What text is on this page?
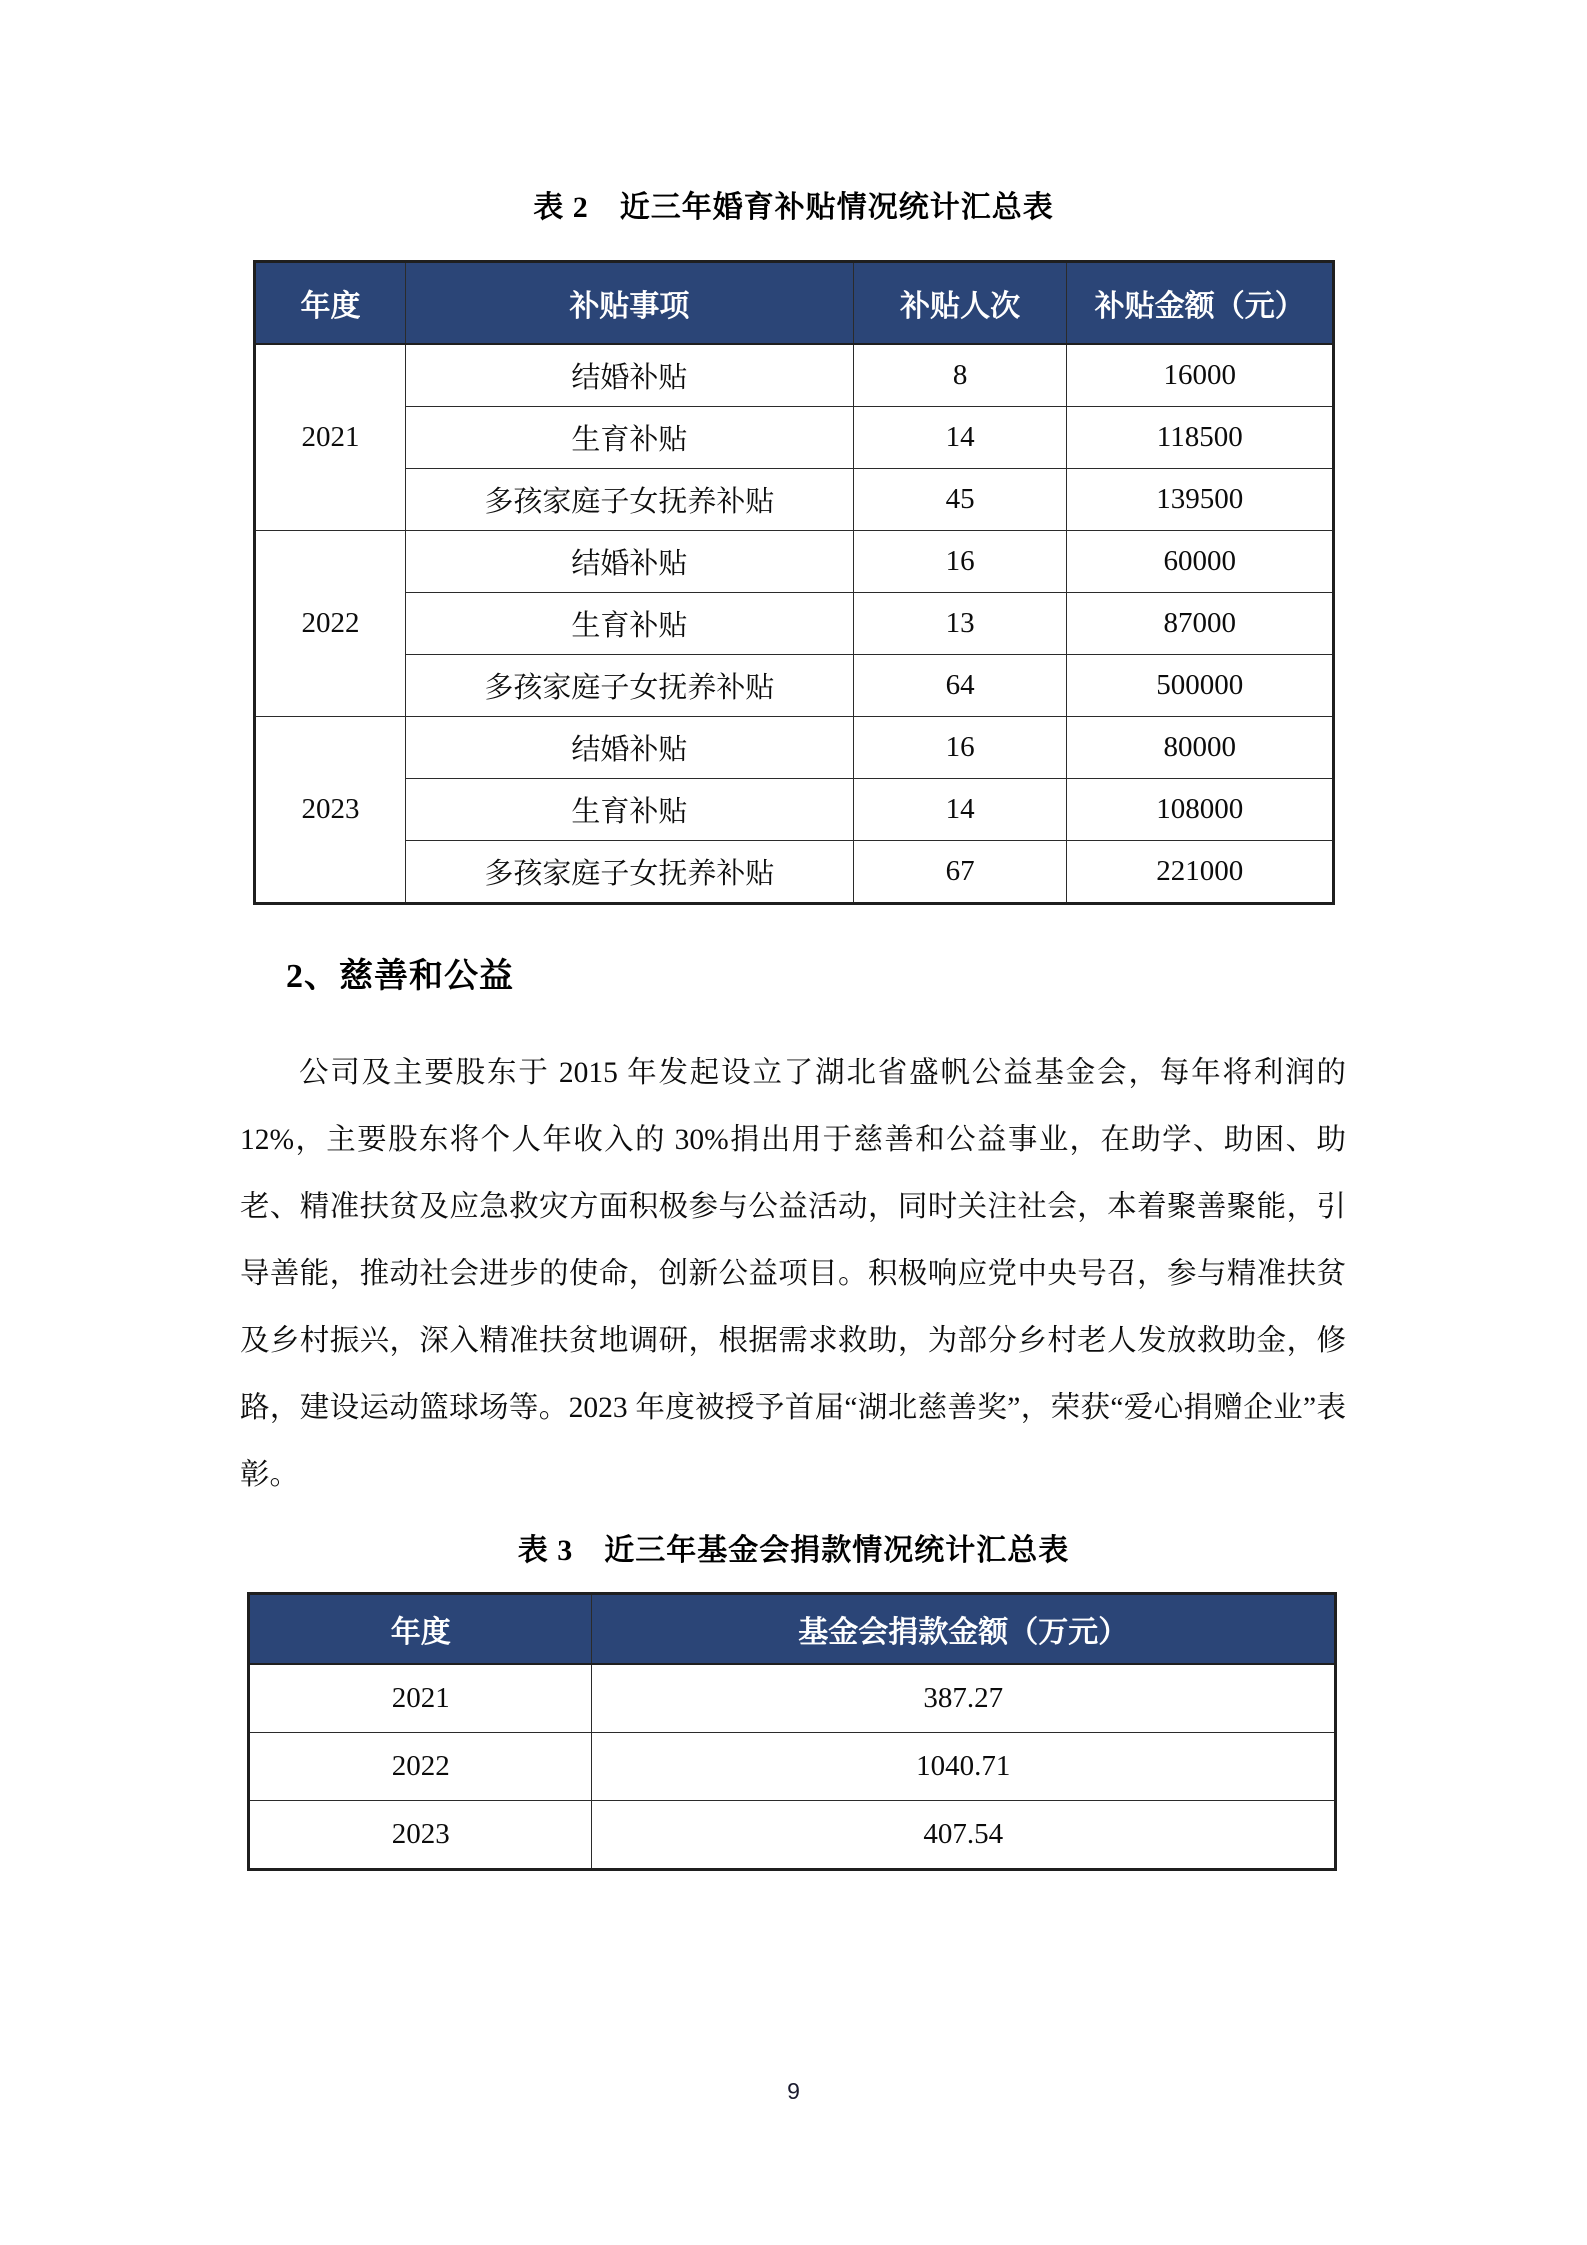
表 2　近三年婚育补贴情况统计汇总表
年度	补贴事项	补贴人次	补贴金额（元）
2021	结婚补贴	8	16000
	生育补贴	14	118500
	多孩家庭子女抚养补贴	45	139500
2022	结婚补贴	16	60000
	生育补贴	13	87000
	多孩家庭子女抚养补贴	64	500000
2023	结婚补贴	16	80000
	生育补贴	14	108000
	多孩家庭子女抚养补贴	67	221000
2、慈善和公益
公司及主要股东于 2015 年发起设立了湖北省盛帆公益基金会，每年将利润的 12%，主要股东将个人年收入的 30%捐出用于慈善和公益事业，在助学、助困、助老、精准扶贫及应急救灾方面积极参与公益活动，同时关注社会，本着聚善聚能，引导善能，推动社会进步的使命，创新公益项目。积极响应党中央号召，参与精准扶贫及乡村振兴，深入精准扶贫地调研，根据需求救助，为部分乡村老人发放救助金，修路，建设运动篮球场等。2023 年度被授予首届“湖北慈善奖”，荣获“爱心捐赠企业”表彰。
表 3　近三年基金会捐款情况统计汇总表
年度	基金会捐款金额（万元）
2021	387.27
2022	1040.71
2023	407.54
9
